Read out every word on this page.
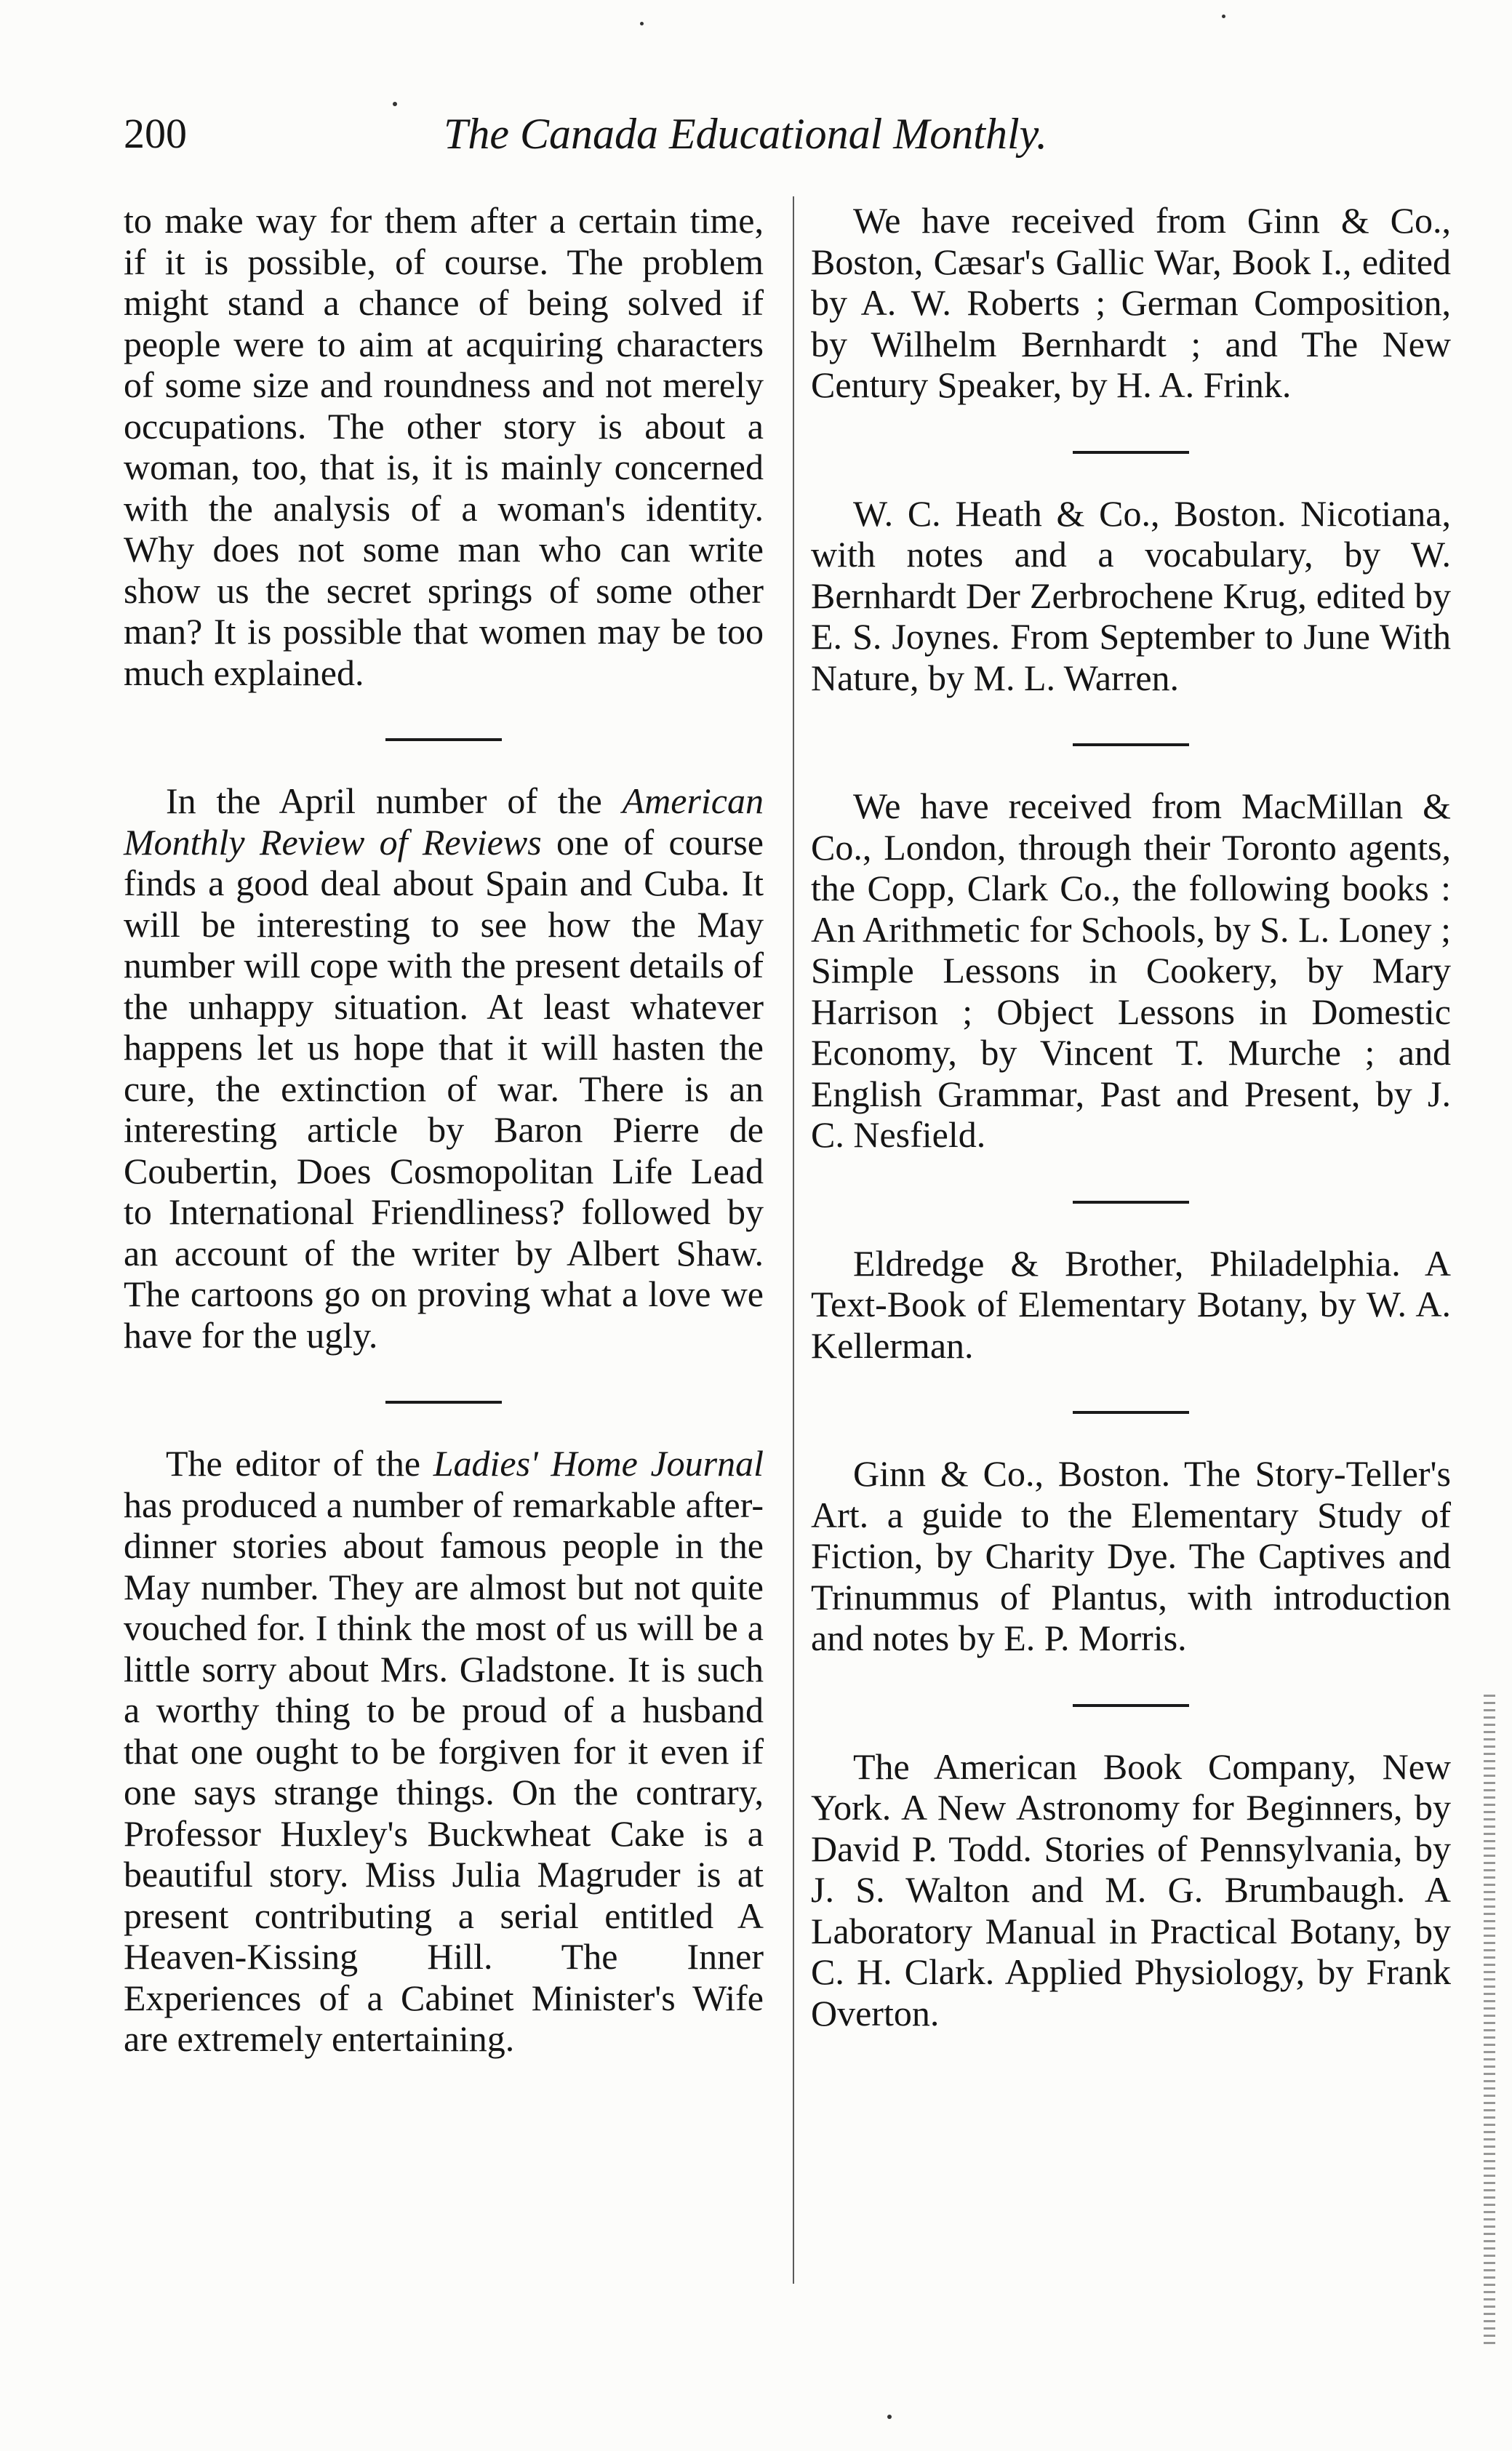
200	The Canada Educational Monthly.

to make way for them after a certain time, if it is possible, of course. The problem might stand a chance of being solved if people were to aim at acquiring characters of some size and roundness and not merely occupations. The other story is about a woman, too, that is, it is mainly concerned with the analysis of a woman's identity. Why does not some man who can write show us the secret springs of some other man? It is possible that women may be too much explained.

In the April number of the American Monthly Review of Reviews one of course finds a good deal about Spain and Cuba. It will be interesting to see how the May number will cope with the present details of the unhappy situation. At least whatever happens let us hope that it will hasten the cure, the extinction of war. There is an interesting article by Baron Pierre de Coubertin, Does Cosmopolitan Life Lead to International Friendliness? followed by an account of the writer by Albert Shaw. The cartoons go on proving what a love we have for the ugly.

The editor of the Ladies' Home Journal has produced a number of remarkable after-dinner stories about famous people in the May number. They are almost but not quite vouched for. I think the most of us will be a little sorry about Mrs. Gladstone. It is such a worthy thing to be proud of a husband that one ought to be forgiven for it even if one says strange things. On the contrary, Professor Huxley's Buckwheat Cake is a beautiful story. Miss Julia Magruder is at present contributing a serial entitled A Heaven-Kissing Hill. The Inner Experiences of a Cabinet Minister's Wife are extremely entertaining.

We have received from Ginn & Co., Boston, Cæsar's Gallic War, Book I., edited by A. W. Roberts ; German Composition, by Wilhelm Bernhardt ; and The New Century Speaker, by H. A. Frink.

W. C. Heath & Co., Boston. Nicotiana, with notes and a vocabulary, by W. Bernhardt Der Zerbrochene Krug, edited by E. S. Joynes. From September to June With Nature, by M. L. Warren.

We have received from MacMillan & Co., London, through their Toronto agents, the Copp, Clark Co., the following books : An Arithmetic for Schools, by S. L. Loney ; Simple Lessons in Cookery, by Mary Harrison ; Object Lessons in Domestic Economy, by Vincent T. Murche ; and English Grammar, Past and Present, by J. C. Nesfield.

Eldredge & Brother, Philadelphia. A Text-Book of Elementary Botany, by W. A. Kellerman.

Ginn & Co., Boston. The Story-Teller's Art. a guide to the Elementary Study of Fiction, by Charity Dye. The Captives and Trinummus of Plantus, with introduction and notes by E. P. Morris.

The American Book Company, New York. A New Astronomy for Beginners, by David P. Todd. Stories of Pennsylvania, by J. S. Walton and M. G. Brumbaugh. A Laboratory Manual in Practical Botany, by C. H. Clark. Applied Physiology, by Frank Overton.
